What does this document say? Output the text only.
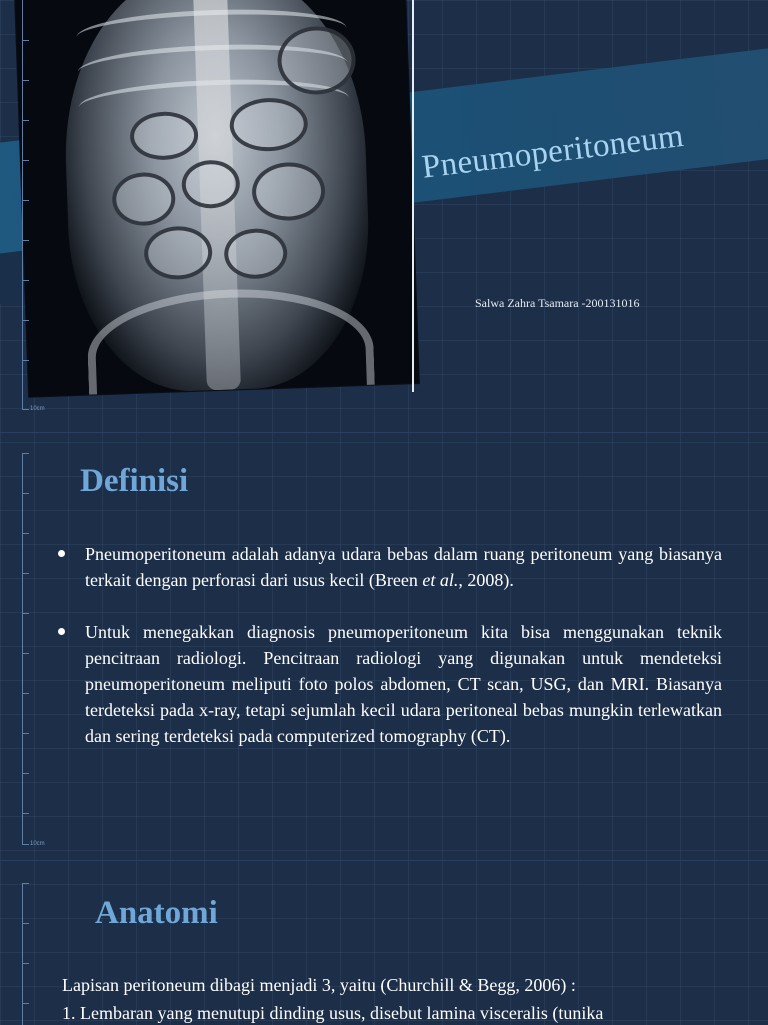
10cm
Pneumoperitoneum
Salwa Zahra Tsamara -200131016
10cm
Definisi
Pneumoperitoneum adalah adanya udara bebas dalam ruang peritoneum yang biasanya terkait dengan perforasi dari usus kecil (Breen et al., 2008).
Untuk menegakkan diagnosis pneumoperitoneum kita bisa menggunakan teknik pencitraan radiologi. Pencitraan radiologi yang digunakan untuk mendeteksi pneumoperitoneum meliputi foto polos abdomen, CT scan, USG, dan MRI. Biasanya terdeteksi pada x-ray, tetapi sejumlah kecil udara peritoneal bebas mungkin terlewatkan dan sering terdeteksi pada computerized tomography (CT).
Anatomi
Lapisan peritoneum dibagi menjadi 3, yaitu (Churchill & Begg, 2006) :
1. Lembaran yang menutupi dinding usus, disebut lamina visceralis (tunika
